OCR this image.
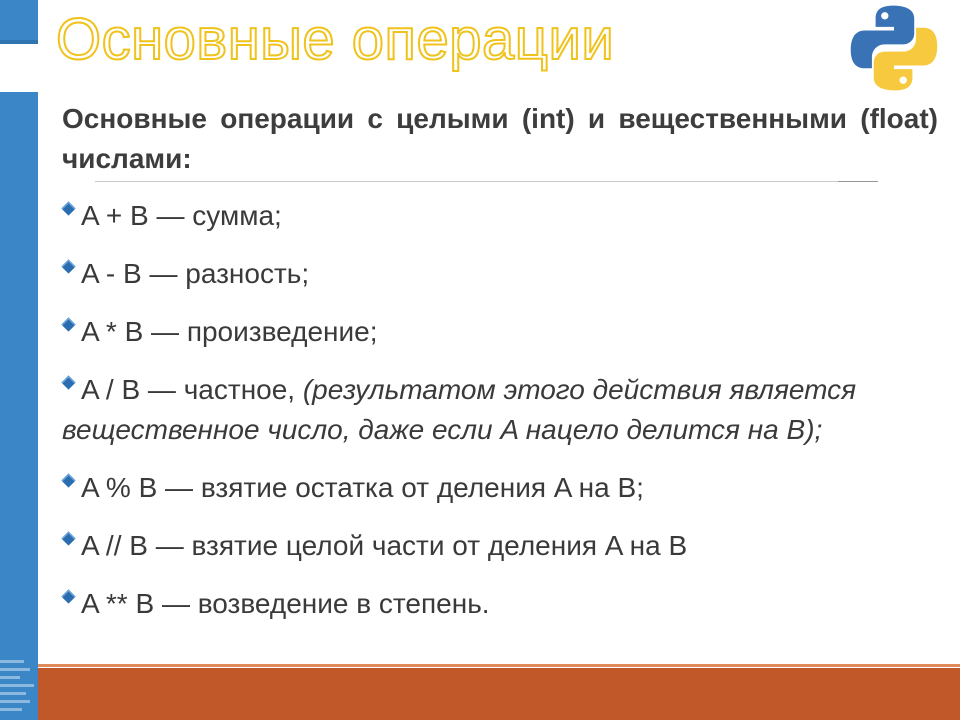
Основные операции

Основные операции с целыми (int) и вещественными (float) числами:

A + B — сумма;
A - B — разность;
A * B — произведение;
A / B — частное, (результатом этого действия является вещественное число, даже если A нацело делится на B);
A % B — взятие остатка от деления A на B;
A // B — взятие целой части от деления A на B
A ** B — возведение в степень.
